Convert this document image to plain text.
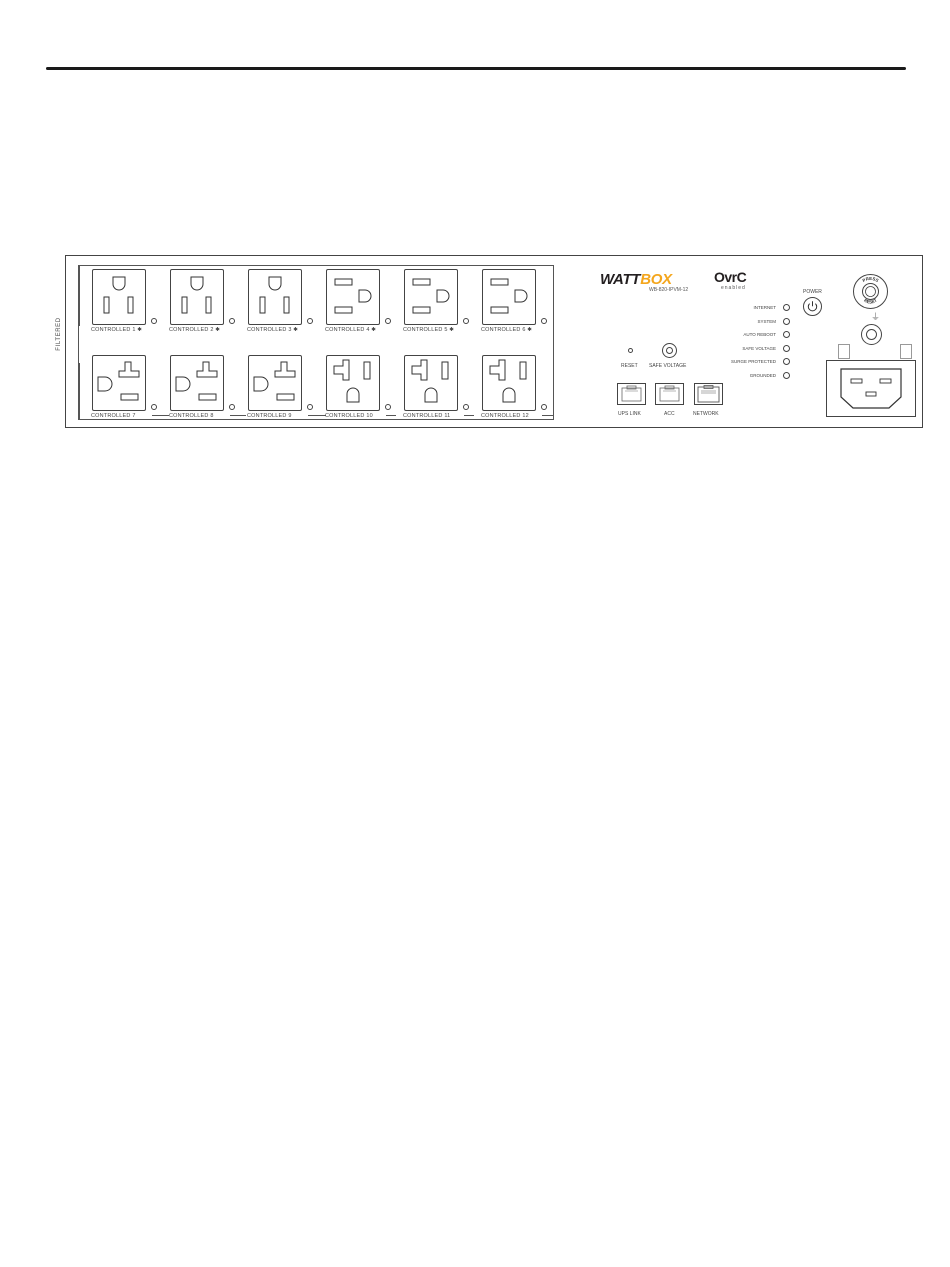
FILTERED	CONTROLLED 1 ✱	CONTROLLED 2 ✱	CONTROLLED 3 ✱	CONTROLLED 4 ✱	CONTROLLED 5 ✱	CONTROLLED 6 ✱
CONTROLLED 7	CONTROLLED 8	CONTROLLED 9	CONTROLLED 10	CONTROLLED 11	CONTROLLED 12
WATTBOX
WB-820-IPVM-12
OvrC
enabled
POWER
INTERNET
SYSTEM
AUTO REBOOT
SAFE VOLTAGE
SURGE PROTECTED
GROUNDED
RESET SAFE VOLTAGE
UPS LINK	ACC	NETWORK
PRESS
RESET
⏚
